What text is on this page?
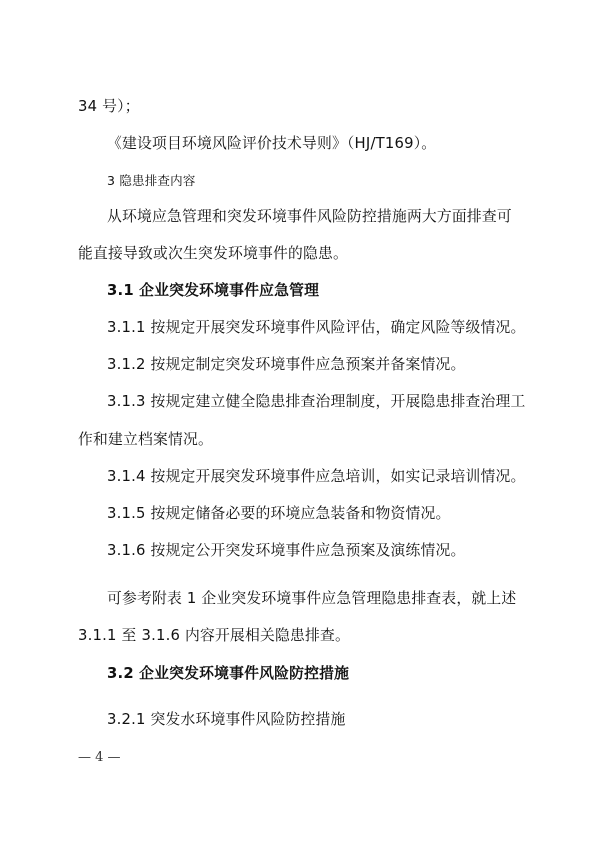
34 号）；
《建设项目环境风险评价技术导则》（HJ/T169）。
3 隐患排查内容
从环境应急管理和突发环境事件风险防控措施两大方面排查可
能直接导致或次生突发环境事件的隐患。
3.1 企业突发环境事件应急管理
3.1.1 按规定开展突发环境事件风险评估，确定风险等级情况。
3.1.2 按规定制定突发环境事件应急预案并备案情况。
3.1.3 按规定建立健全隐患排查治理制度，开展隐患排查治理工
作和建立档案情况。
3.1.4 按规定开展突发环境事件应急培训，如实记录培训情况。
3.1.5 按规定储备必要的环境应急装备和物资情况。
3.1.6 按规定公开突发环境事件应急预案及演练情况。
可参考附表 1 企业突发环境事件应急管理隐患排查表，就上述
3.1.1 至 3.1.6 内容开展相关隐患排查。
3.2 企业突发环境事件风险防控措施
3.2.1 突发水环境事件风险防控措施
— 4 —
